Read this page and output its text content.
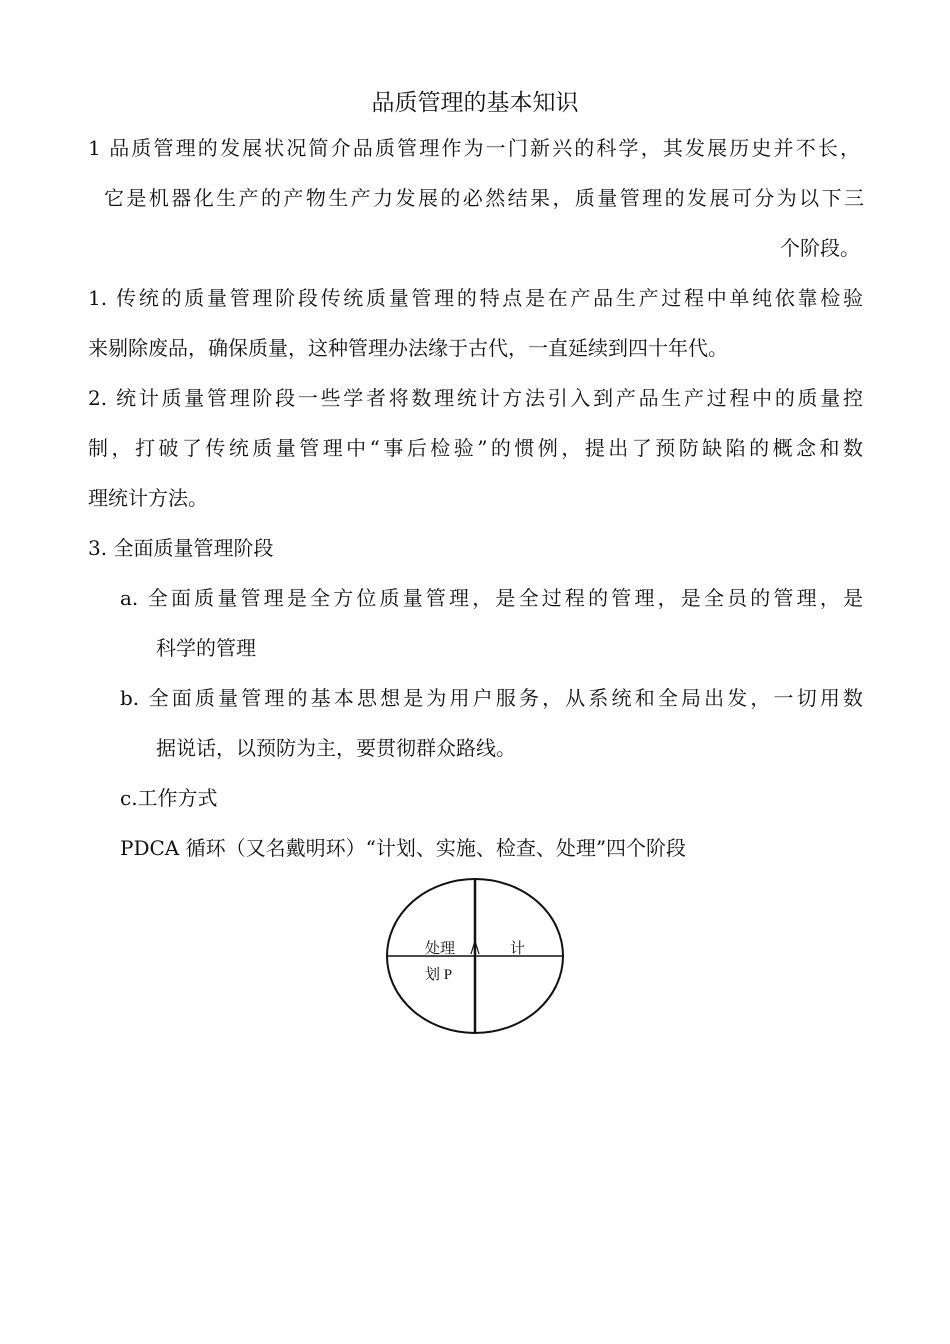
品质管理的基本知识
1 品质管理的发展状况简介品质管理作为一门新兴的科学，其发展历史并不长，
它是机器化生产的产物生产力发展的必然结果，质量管理的发展可分为以下三
个阶段。
1. 传统的质量管理阶段传统质量管理的特点是在产品生产过程中单纯依靠检验
来剔除废品，确保质量，这种管理办法缘于古代，一直延续到四十年代。
2. 统计质量管理阶段一些学者将数理统计方法引入到产品生产过程中的质量控
制，打破了传统质量管理中“事后检验”的惯例，提出了预防缺陷的概念和数
理统计方法。
3. 全面质量管理阶段
a. 全面质量管理是全方位质量管理，是全过程的管理，是全员的管理，是
科学的管理
b. 全面质量管理的基本思想是为用户服务，从系统和全局出发，一切用数
据说话，以预防为主，要贯彻群众路线。
c.工作方式
PDCA 循环（又名戴明环）“计划、实施、检查、处理”四个阶段
处理	计
划 P
